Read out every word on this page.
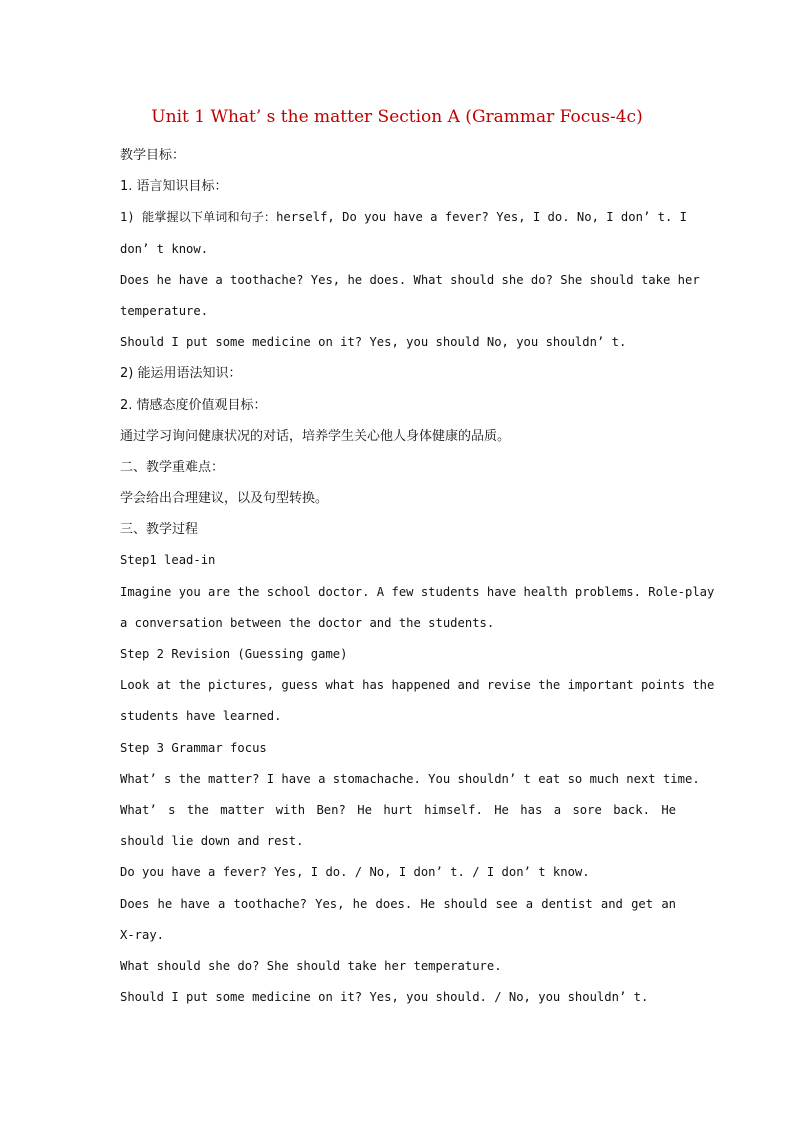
Unit 1 What’ s the matter Section A (Grammar Focus-4c)
教学目标：
1. 语言知识目标：
1) 能掌握以下单词和句子：herself, Do you have a fever? Yes, I do. No, I don’ t. I
don’ t know.
Does he have a toothache? Yes, he does. What should she do? She should take her
temperature.
Should I put some medicine on it? Yes, you should No, you shouldn’ t.
2) 能运用语法知识：
2. 情感态度价值观目标：
通过学习询问健康状况的对话，培养学生关心他人身体健康的品质。
二、教学重难点：
学会给出合理建议，以及句型转换。
三、教学过程
Step1 lead-in
Imagine you are the school doctor. A few students have health problems. Role-play
a conversation between the doctor and the students.
Step 2 Revision (Guessing game)
Look at the pictures, guess what has happened and revise the important points the
students have learned.
Step 3 Grammar focus
What’ s the matter? I have a stomachache. You shouldn’ t eat so much next time.
What’ s the matter with Ben? He hurt himself. He has a sore back. He
should lie down and rest.
Do you have a fever? Yes, I do. / No, I don’ t. / I don’ t know.
Does he have a toothache? Yes, he does. He should see a dentist and get an
X-ray.
What should she do? She should take her temperature.
Should I put some medicine on it? Yes, you should. / No, you shouldn’ t.
